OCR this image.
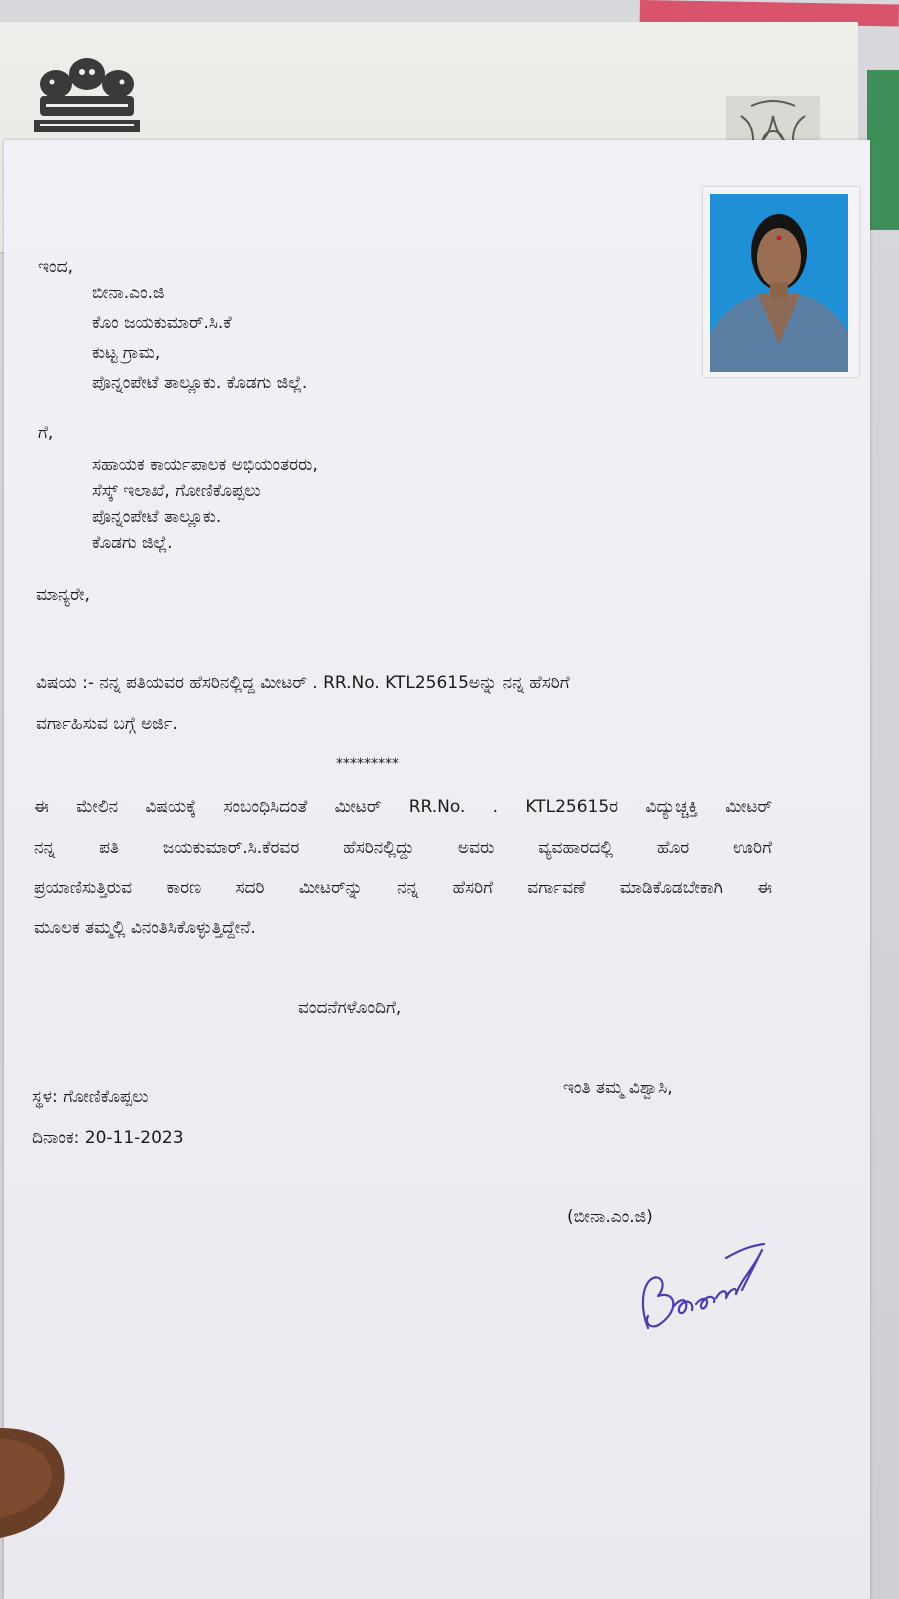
ಇಂದ,
ಬೀನಾ.ಎಂ.ಜಿ
ಕೊಂ ಜಯಕುಮಾರ್.ಸಿ.ಕೆ
ಕುಟ್ಟ ಗ್ರಾಮ,
ಪೊನ್ನಂಪೇಟೆ ತಾಲ್ಲೂಕು. ಕೊಡಗು ಜಿಲ್ಲೆ.
ಗೆ,
ಸಹಾಯಕ ಕಾರ್ಯಪಾಲಕ ಅಭಿಯಂತರರು,
ಸೆಸ್ಕ್ ಇಲಾಖೆ, ಗೋಣಿಕೊಪ್ಪಲು
ಪೊನ್ನಂಪೇಟೆ ತಾಲ್ಲೂಕು.
ಕೊಡಗು ಜಿಲ್ಲೆ.
ಮಾನ್ಯರೇ,
ವಿಷಯ :- ನನ್ನ ಪತಿಯವರ ಹೆಸರಿನಲ್ಲಿದ್ದ ಮೀಟರ್ . RR.No. KTL25615ಅನ್ನು ನನ್ನ ಹೆಸರಿಗೆ
ವರ್ಗಾಹಿಸುವ ಬಗ್ಗೆ ಅರ್ಜಿ.
*********
ಈ ಮೇಲಿನ ವಿಷಯಕ್ಕೆ ಸಂಬಂಧಿಸಿದಂತೆ ಮೀಟರ್ RR.No. . KTL25615ರ ವಿದ್ಯುಚ್ಚಕ್ತಿ ಮೀಟರ್
ನನ್ನ ಪತಿ ಜಯಕುಮಾರ್.ಸಿ.ಕೆರವರ ಹೆಸರಿನಲ್ಲಿದ್ದು ಅವರು ವ್ಯವಹಾರದಲ್ಲಿ ಹೊರ ಊರಿಗೆ
ಪ್ರಯಾಣಿಸುತ್ತಿರುವ ಕಾರಣ ಸದರಿ ಮೀಟರ್‌ನ್ನು ನನ್ನ ಹೆಸರಿಗೆ ವರ್ಗಾವಣೆ ಮಾಡಿಕೊಡಬೇಕಾಗಿ ಈ
ಮೂಲಕ ತಮ್ಮಲ್ಲಿ ವಿನಂತಿಸಿಕೊಳ್ಳುತ್ತಿದ್ದೇನೆ.
ವಂದನೆಗಳೊಂದಿಗೆ,
ಇಂತಿ ತಮ್ಮ ವಿಶ್ವಾಸಿ,
ಸ್ಥಳ: ಗೋಣಿಕೊಪ್ಪಲು
ದಿನಾಂಕ: 20-11-2023
(ಬೀನಾ.ಎಂ.ಜಿ)
